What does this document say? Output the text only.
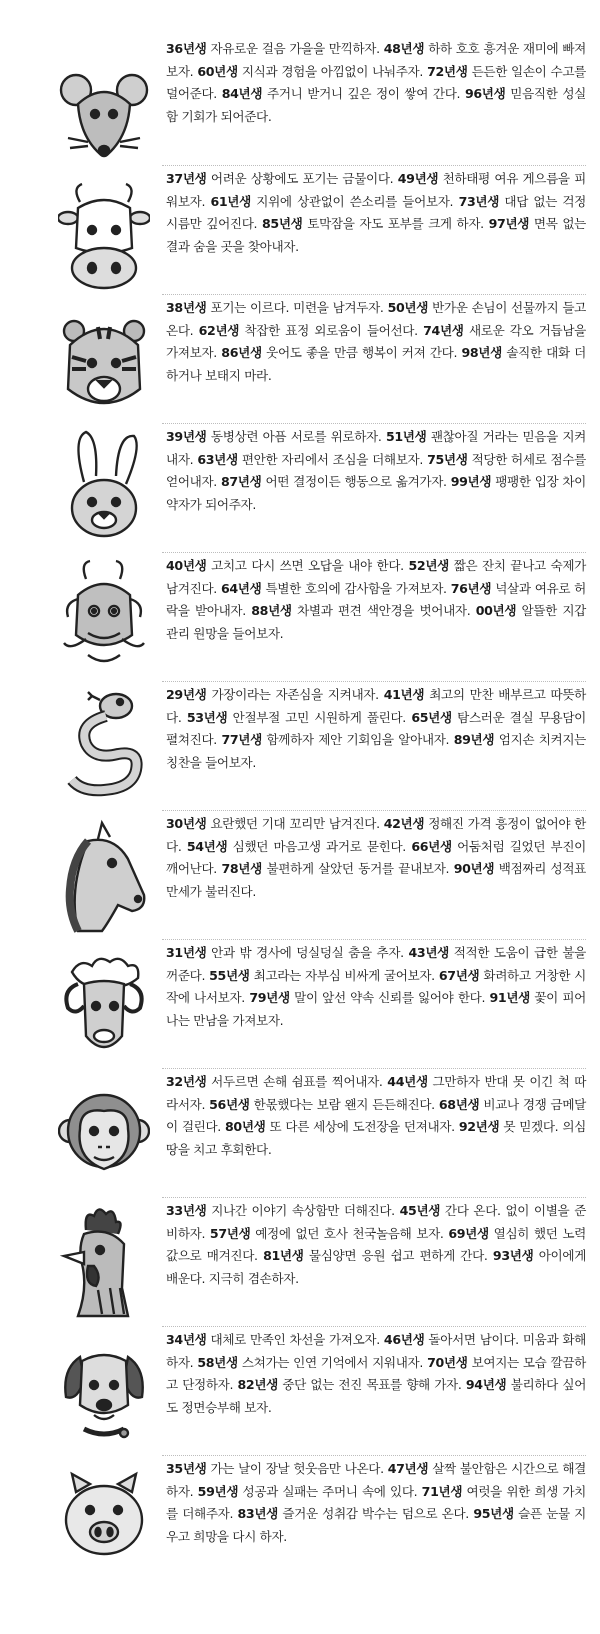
36년생 자유로운 걸음 가을을 만끽하자. 48년생 하하 호호 흥겨운 재미에 빠져보자. 60년생 지식과 경험을 아낌없이 나눠주자. 72년생 든든한 일손이 수고를 덜어준다. 84년생 주거니 받거니 깊은 정이 쌓여 간다. 96년생 믿음직한 성실함 기회가 되어준다.

37년생 어려운 상황에도 포기는 금물이다. 49년생 천하태평 여유 게으름을 피워보자. 61년생 지위에 상관없이 쓴소리를 들어보자. 73년생 대답 없는 걱정 시름만 깊어진다. 85년생 토막잠을 자도 포부를 크게 하자. 97년생 면목 없는 결과 숨을 곳을 찾아내자.

38년생 포기는 이르다. 미련을 남겨두자. 50년생 반가운 손님이 선물까지 들고 온다. 62년생 착잡한 표정 외로움이 들어선다. 74년생 새로운 각오 거듭남을 가져보자. 86년생 웃어도 좋을 만큼 행복이 커져 간다. 98년생 솔직한 대화 더하거나 보태지 마라.

39년생 동병상련 아픔 서로를 위로하자. 51년생 괜찮아질 거라는 믿음을 지켜내자. 63년생 편안한 자리에서 조심을 더해보자. 75년생 적당한 허세로 점수를 얻어내자. 87년생 어떤 결정이든 행동으로 옮겨가자. 99년생 팽팽한 입장 차이 약자가 되어주자.

40년생 고치고 다시 쓰면 오답을 내야 한다. 52년생 짧은 잔치 끝나고 숙제가 남겨진다. 64년생 특별한 호의에 감사함을 가져보자. 76년생 넉살과 여유로 허락을 받아내자. 88년생 차별과 편견 색안경을 벗어내자. 00년생 알뜰한 지갑 관리 원망을 들어보자.

29년생 가장이라는 자존심을 지켜내자. 41년생 최고의 만찬 배부르고 따뜻하다. 53년생 안절부절 고민 시원하게 풀린다. 65년생 탐스러운 결실 무용담이 펼쳐진다. 77년생 함께하자 제안 기회임을 알아내자. 89년생 엄지손 치켜지는 칭찬을 들어보자.

30년생 요란했던 기대 꼬리만 남겨진다. 42년생 정해진 가격 흥정이 없어야 한다. 54년생 심했던 마음고생 과거로 묻힌다. 66년생 어둠처럼 길었던 부진이 깨어난다. 78년생 불편하게 살았던 동거를 끝내보자. 90년생 백점짜리 성적표 만세가 불러진다.

31년생 안과 밖 경사에 덩실덩실 춤을 추자. 43년생 적적한 도움이 급한 불을 꺼준다. 55년생 최고라는 자부심 비싸게 굴어보자. 67년생 화려하고 거창한 시작에 나서보자. 79년생 말이 앞선 약속 신뢰를 잃어야 한다. 91년생 꽃이 피어나는 만남을 가져보자.

32년생 서두르면 손해 쉼표를 찍어내자. 44년생 그만하자 반대 못 이긴 척 따라서자. 56년생 한몫했다는 보람 왠지 든든해진다. 68년생 비교나 경쟁 금메달이 걸린다. 80년생 또 다른 세상에 도전장을 던져내자. 92년생 못 믿겠다. 의심 땅을 치고 후회한다.

33년생 지나간 이야기 속상함만 더해진다. 45년생 간다 온다. 없이 이별을 준비하자. 57년생 예정에 없던 호사 천국놀음해 보자. 69년생 열심히 했던 노력 값으로 매겨진다. 81년생 물심양면 응원 쉽고 편하게 간다. 93년생 아이에게 배운다. 지극히 겸손하자.

34년생 대체로 만족인 차선을 가져오자. 46년생 돌아서면 남이다. 미움과 화해하자. 58년생 스쳐가는 인연 기억에서 지워내자. 70년생 보여지는 모습 깔끔하고 단정하자. 82년생 중단 없는 전진 목표를 향해 가자. 94년생 불리하다 싶어도 정면승부해 보자.

35년생 가는 날이 장날 헛웃음만 나온다. 47년생 살짝 불안함은 시간으로 해결하자. 59년생 성공과 실패는 주머니 속에 있다. 71년생 여럿을 위한 희생 가치를 더해주자. 83년생 즐거운 성취감 박수는 덤으로 온다. 95년생 슬픈 눈물 지우고 희망을 다시 하자.
